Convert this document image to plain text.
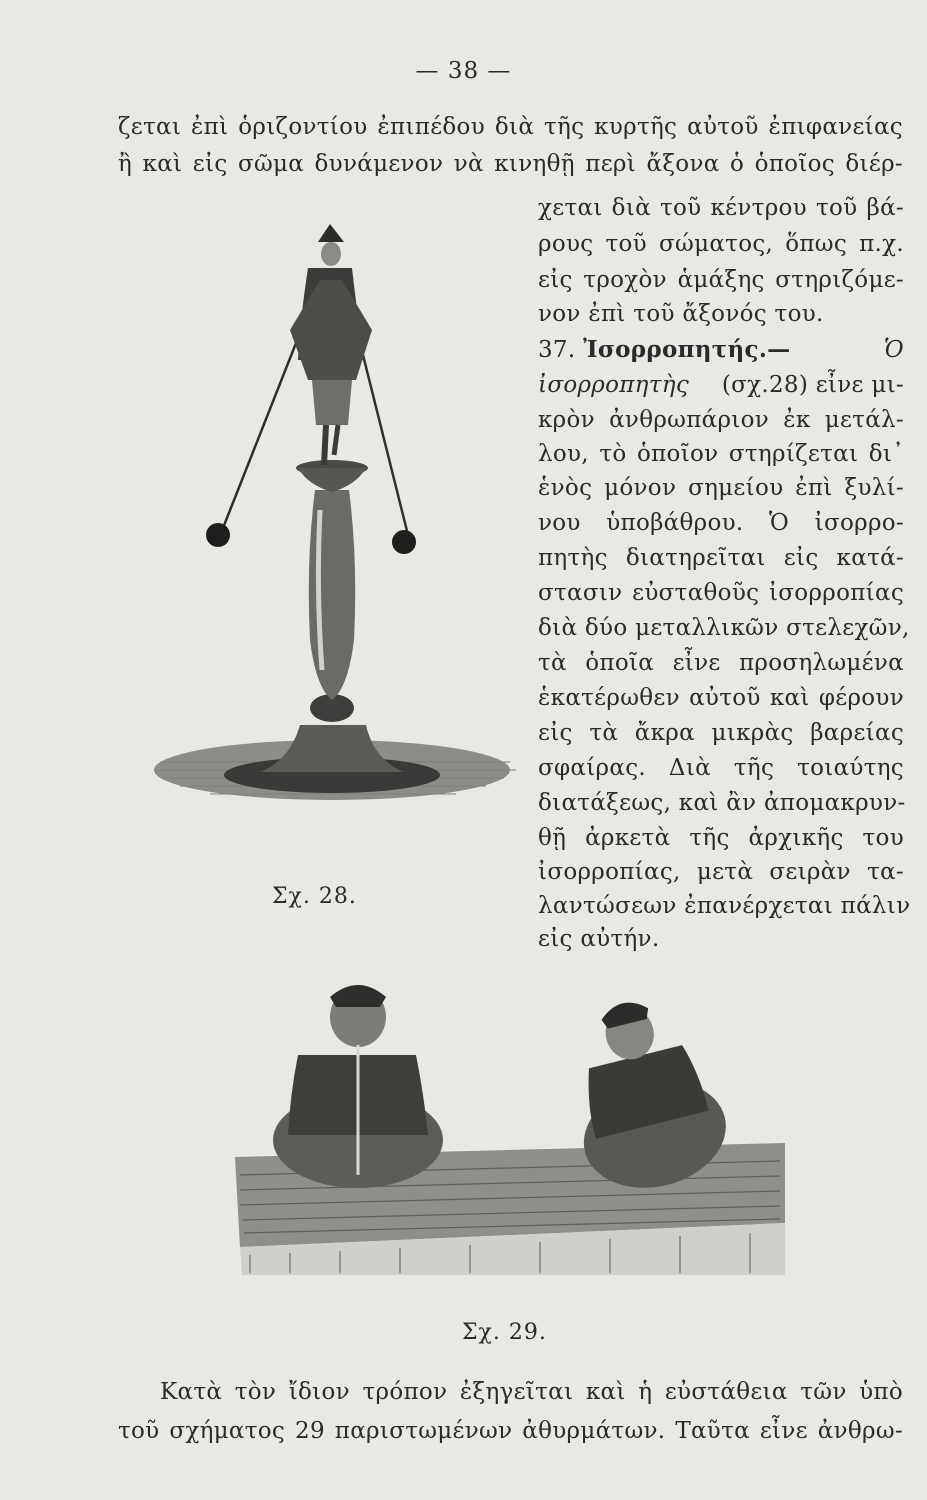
— 38 —
ζεται ἐπὶ ὁριζοντίου ἐπιπέδου διὰ τῆς κυρτῆς αὐτοῦ ἐπιφανείας
ἢ καὶ εἰς σῶμα δυνάμενον νὰ κινηθῇ περὶ ἄξονα ὁ ὁποῖος διέρ-
χεται διὰ τοῦ κέντρου τοῦ βά-
ρους τοῦ σώματος, ὅπως π.χ.
εἰς τροχὸν ἁμάξης στηριζόμε-
νον ἐπὶ τοῦ ἄξονός του.
37. Ἰσορροπητής.—	Ὁ
ἰσορροπητὴς (σχ.28) εἶνε μι-
κρὸν ἀνθρωπάριον ἐκ μετάλ-
λου, τὸ ὁποῖον στηρίζεται δι᾽
ἑνὸς μόνον σημείου ἐπὶ ξυλί-
νου ὑποβάθρου. Ὁ ἰσορρο-
πητὴς διατηρεῖται εἰς κατά-
στασιν εὐσταθοῦς ἰσορροπίας
διὰ δύο μεταλλικῶν στελεχῶν,
τὰ ὁποῖα εἶνε προσηλωμένα
ἑκατέρωθεν αὐτοῦ καὶ φέρουν
εἰς τὰ ἄκρα μικρὰς βαρείας
σφαίρας. Διὰ τῆς τοιαύτης
διατάξεως, καὶ ἂν ἀπομακρυν-
θῇ ἀρκετὰ τῆς ἀρχικῆς του
ἰσορροπίας, μετὰ σειρὰν τα-
λαντώσεων ἐπανέρχεται πάλιν
εἰς αὐτήν.
Σχ. 28.
Σχ. 29.
Κατὰ τὸν ἴδιον τρόπον ἐξηγεῖται καὶ ἡ εὐστάθεια τῶν ὑπὸ
τοῦ σχήματος 29 παριστωμένων ἀθυρμάτων. Ταῦτα εἶνε ἀνθρω-
